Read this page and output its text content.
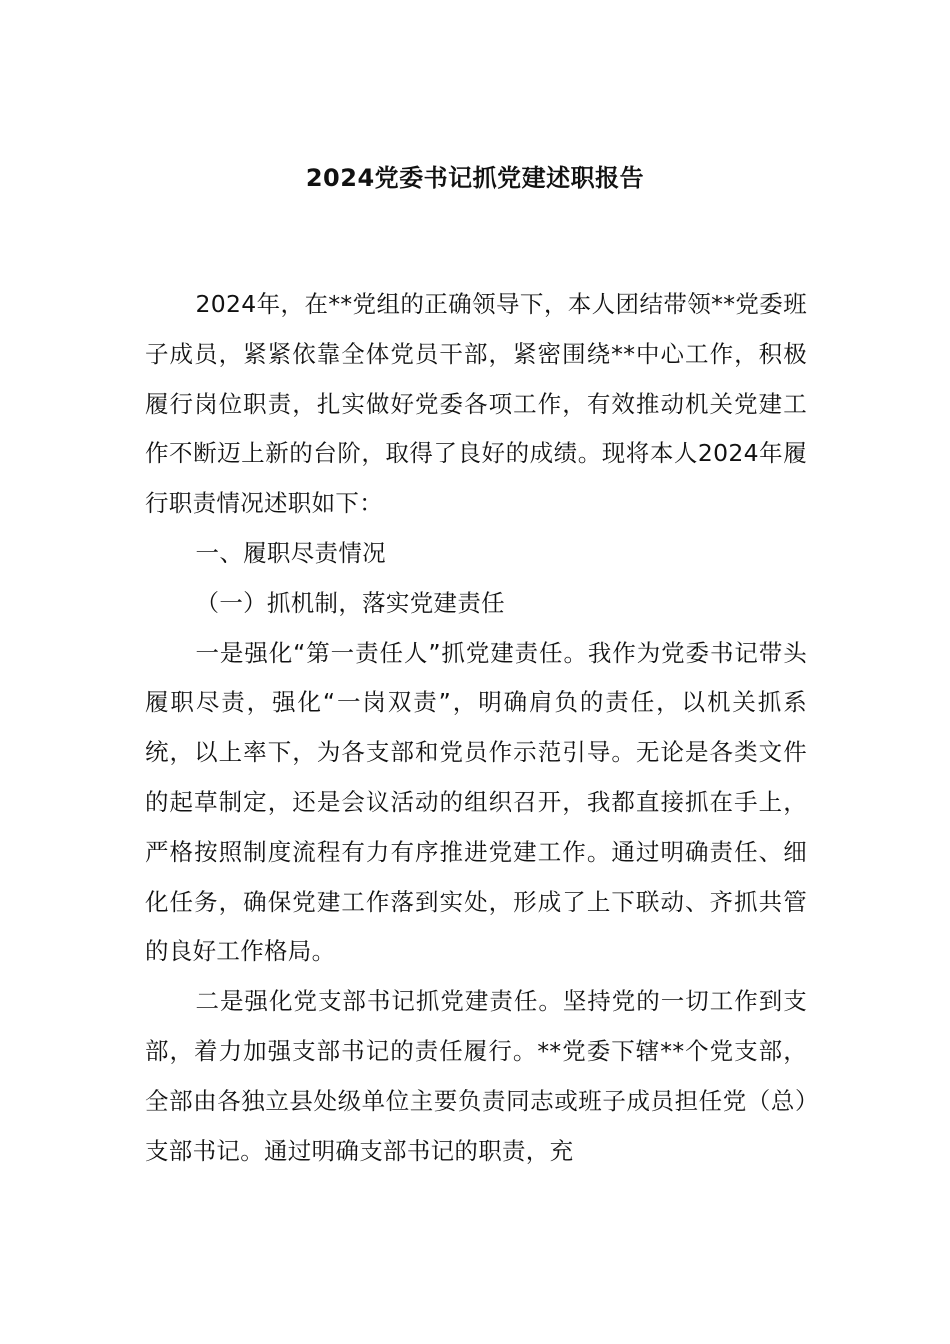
2024党委书记抓党建述职报告

2024年，在**党组的正确领导下，本人团结带领**党委班子成员，紧紧依靠全体党员干部，紧密围绕**中心工作，积极履行岗位职责，扎实做好党委各项工作，有效推动机关党建工作不断迈上新的台阶，取得了良好的成绩。现将本人2024年履行职责情况述职如下：

一、履职尽责情况

（一）抓机制，落实党建责任

一是强化“第一责任人”抓党建责任。我作为党委书记带头履职尽责，强化“一岗双责”，明确肩负的责任，以机关抓系统，以上率下，为各支部和党员作示范引导。无论是各类文件的起草制定，还是会议活动的组织召开，我都直接抓在手上，严格按照制度流程有力有序推进党建工作。通过明确责任、细化任务，确保党建工作落到实处，形成了上下联动、齐抓共管的良好工作格局。

二是强化党支部书记抓党建责任。坚持党的一切工作到支部，着力加强支部书记的责任履行。**党委下辖**个党支部，全部由各独立县处级单位主要负责同志或班子成员担任党（总）支部书记。通过明确支部书记的职责，充
